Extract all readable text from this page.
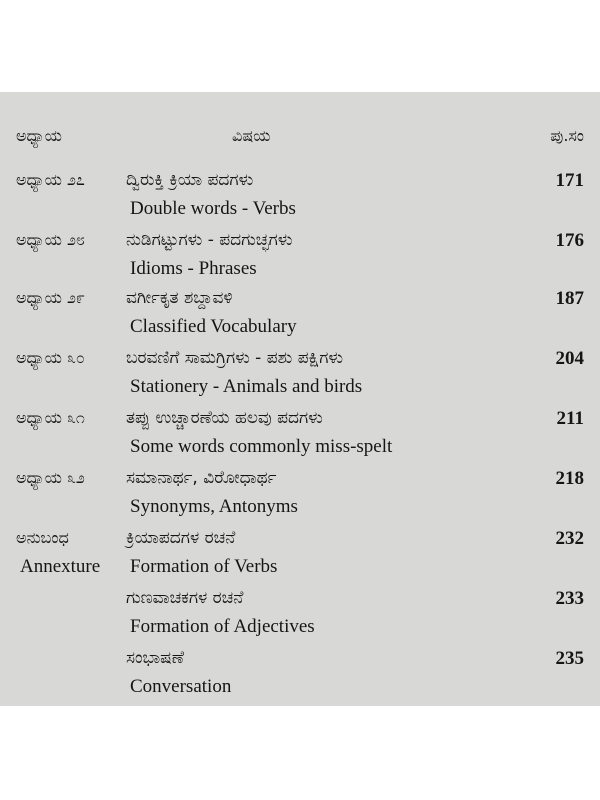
ಅಧ್ಯಾಯ	ವಿಷಯ	ಪು.ಸಂ
ಅಧ್ಯಾಯ ೨೭ ದ್ವಿರುಕ್ತಿ ಕ್ರಿಯಾ ಪದಗಳು
Double words - Verbs
171
ಅಧ್ಯಾಯ ೨೮ ನುಡಿಗಟ್ಟುಗಳು - ಪದಗುಚ್ಛಗಳು
Idioms - Phrases
176
ಅಧ್ಯಾಯ ೨೯ ವರ್ಗೀಕೃತ ಶಬ್ದಾವಳಿ
Classified Vocabulary
187
ಅಧ್ಯಾಯ ೩೦ ಬರವಣಿಗೆ ಸಾಮಗ್ರಿಗಳು - ಪಶು ಪಕ್ಷಿಗಳು
Stationery - Animals and birds
204
ಅಧ್ಯಾಯ ೩೧ ತಪ್ಪು ಉಚ್ಚಾರಣೆಯ ಹಲವು ಪದಗಳು
Some words commonly miss-spelt
211
ಅಧ್ಯಾಯ ೩೨ ಸಮಾನಾರ್ಥ, ವಿರೋಧಾರ್ಥ
Synonyms, Antonyms
218
ಅನುಬಂಧ
Annexture
ಕ್ರಿಯಾಪದಗಳ ರಚನೆ
Formation of Verbs
232
ಗುಣವಾಚಕಗಳ ರಚನೆ
Formation of Adjectives
233
ಸಂಭಾಷಣೆ
Conversation
235
